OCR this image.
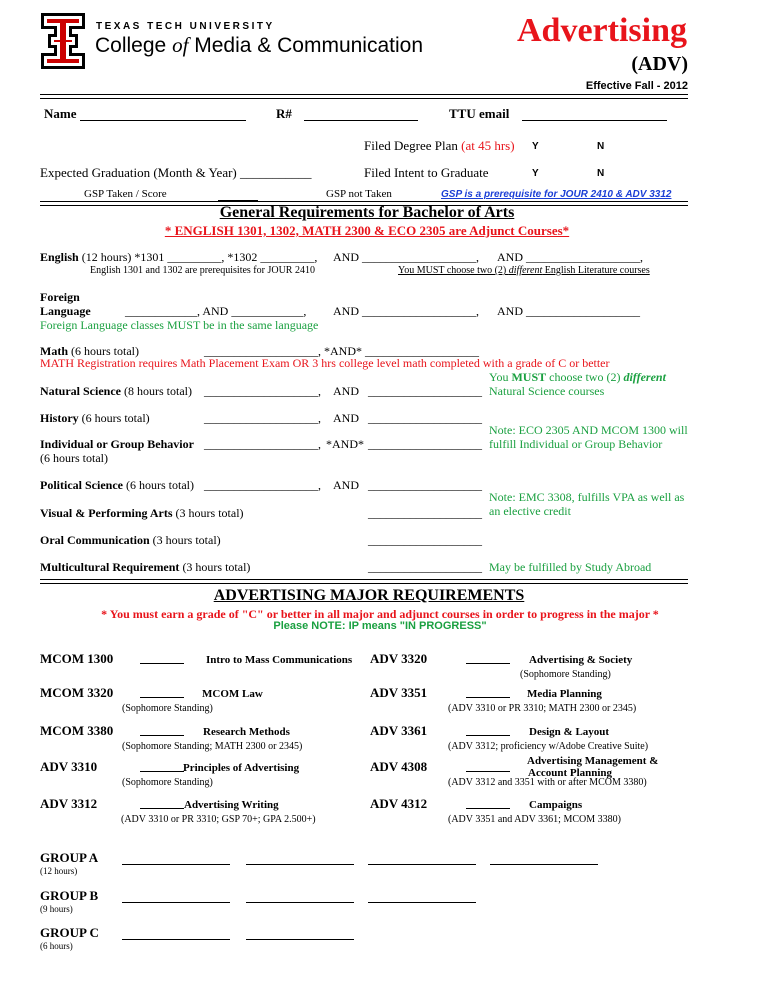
TEXAS TECH UNIVERSITY
College of Media & Communication	Advertising
(ADV)
Effective Fall - 2012
Name	R#	TTU email
Filed Degree Plan (at 45 hrs) Y	N
Expected Graduation (Month & Year) ___________	Filed Intent to Graduate	Y	N
GSP Taken / Score	GSP not Taken	GSP is a prerequisite for JOUR 2410 & ADV 3312
General Requirements for Bachelor of Arts
* ENGLISH 1301, 1302, MATH 2300 & ECO 2305 are Adjunct Courses*
English (12 hours) *1301 _________, *1302 _________, AND ___________________, AND ___________________,
English 1301 and 1302 are prerequisites for JOUR 2410	You MUST choose two (2) different English Literature courses
Foreign
Language	____________, AND ____________, AND ___________________, AND ___________________
Foreign Language classes MUST be in the same language
Math (6 hours total)	___________________, *AND* ___________________
MATH Registration requires Math Placement Exam OR 3 hrs college level math completed with a grade of C or better
You MUST choose two (2) different
Natural Science courses
Natural Science (8 hours total) ___________________, AND ___________________
History (6 hours total)	___________________, AND ___________________
Note: ECO 2305 AND MCOM 1300 will
fulfill Individual or Group Behavior
Individual or Group Behavior
(6 hours total)
___________________, *AND* ___________________
Political Science (6 hours total) ___________________, AND ___________________
Note: EMC 3308, fulfills VPA as well as
an elective credit
Visual & Performing Arts (3 hours total)	___________________
Oral Communication (3 hours total)	___________________
Multicultural Requirement (3 hours total)	___________________ May be fulfilled by Study Abroad
ADVERTISING MAJOR REQUIREMENTS
* You must earn a grade of "C" or better in all major and adjunct courses in order to progress in the major *
Please NOTE: IP means "IN PROGRESS"
MCOM 1300	Intro to Mass Communications
MCOM 3320	MCOM Law
(Sophomore Standing)
MCOM 3380	Research Methods
(Sophomore Standing; MATH 2300 or 2345)
ADV 3310	Principles of Advertising
(Sophomore Standing)
ADV 3312	Advertising Writing
(ADV 3310 or PR 3310; GSP 70+; GPA 2.500+)
ADV 3320	Advertising & Society
(Sophomore Standing)
ADV 3351	Media Planning
(ADV 3310 or PR 3310; MATH 2300 or 2345)
ADV 3361	Design & Layout
(ADV 3312; proficiency w/Adobe Creative Suite)
ADV 4308	Advertising Management &
Account Planning
(ADV 3312 and 3351 with or after MCOM 3380)
ADV 4312	Campaigns
(ADV 3351 and ADV 3361; MCOM 3380)
GROUP A
(12 hours)
GROUP B
(9 hours)
GROUP C
(6 hours)
